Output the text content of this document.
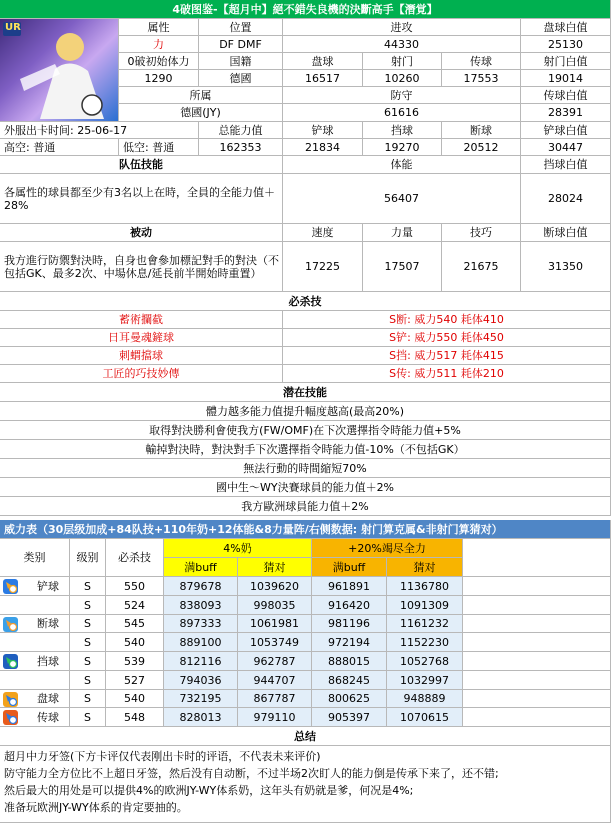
4破图鉴-【超月中】絕不錯失良機的決斷高手【潛覚】
UR	属性	位置	进攻	盘球白值
力	DF DMF	44330	25130
0破初始体力	国籍	盘球	射门	传球	射门白值
1290	德國	16517	10260	17553	19014
所属	防守	传球白值
德國(JY)	61616	28391
外服出卡时间: 25-06-17	总能力值	铲球	挡球	断球	铲球白值
高空: 普通	低空: 普通	162353	21834	19270	20512	30447
队伍技能	体能	挡球白值
各属性的球員都至少有3名以上在時，全員的全能力值＋28%	56407	28024
被动	速度	力量	技巧	断球白值
我方進行防禦對決時，自身也會參加標記對手的對決（不包括GK、最多2次、中場休息/延長前半開始時重置）	17225	17507	21675	31350
必杀技
蓄術攔截	S断: 威力540 耗体410
日耳曼魂鏟球	S铲: 威力550 耗体450
刺蝟擋球	S挡: 威力517 耗体415
工匠的巧技妙傳	S传: 威力511 耗体210
潜在技能
體力越多能力值提升幅度越高(最高20%)
取得對決勝利會使我方(FW/OMF)在下次選擇指令時能力值+5%
輸掉對決時，對決對手下次選擇指令時能力值-10%（不包括GK）
無法行動的時間縮短70%
國中生～WY決賽球員的能力值＋2%
我方歐洲球員能力值＋2%
威力表（30层级加成+84队技+110年奶+12体能&8力量阵/右侧数据: 射门算克属&非射门算猜对）
类别	级别	必杀技
4%奶	+20%竭尽全力
满buff	猜对	满buff	猜对
铲球	S	550	879678	1039620	961891	1136780
S	524	838093	998035	916420	1091309
断球	S	545	897333	1061981	981196	1161232
S	540	889100	1053749	972194	1152230
挡球	S	539	812116	962787	888015	1052768
S	527	794036	944707	868245	1032997
盘球	S	540	732195	867787	800625	948889
传球	S	548	828013	979110	905397	1070615
总结
超月中力牙签(下方卡评仅代表刚出卡时的评语，不代表未来评价)
防守能力全方位比不上超日牙签，然后没有自动断，不过半场2次盯人的能力倒是传承下来了，还不错;
然后最大的用处是可以提供4%的欧洲JY-WY体系奶，这年头有奶就是爹，何况是4%;
准备玩欧洲JY-WY体系的肯定要抽的。
